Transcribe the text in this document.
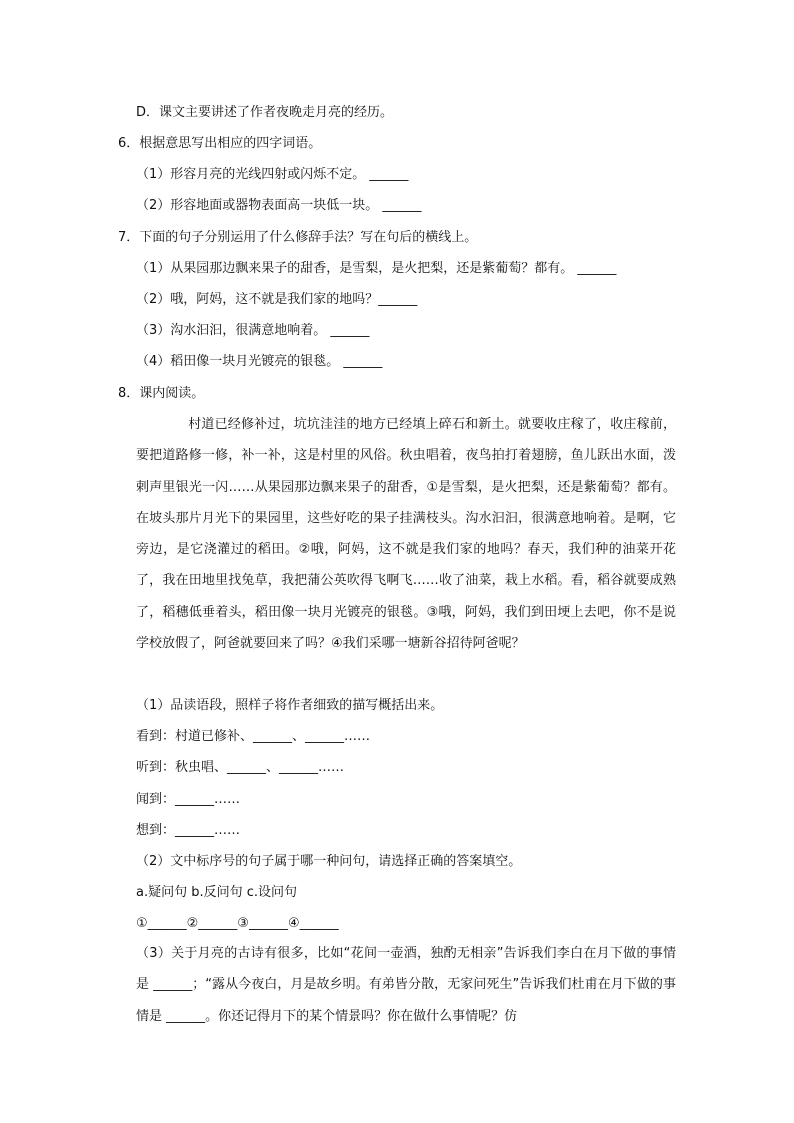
D．课文主要讲述了作者夜晚走月亮的经历。
6．根据意思写出相应的四字词语。
（1）形容月亮的光线四射或闪烁不定。 ______
（2）形容地面或器物表面高一块低一块。 ______
7．下面的句子分别运用了什么修辞手法？写在句后的横线上。
（1）从果园那边飘来果子的甜香，是雪梨，是火把梨，还是紫葡萄？都有。 ______
（2）哦，阿妈，这不就是我们家的地吗？______
（3）沟水汩汩，很满意地响着。 ______
（4）稻田像一块月光镀亮的银毯。 ______
8．课内阅读。
村道已经修补过，坑坑洼洼的地方已经填上碎石和新土。就要收庄稼了，收庄稼前，要把道路修一修，补一补，这是村里的风俗。秋虫唱着，夜鸟拍打着翅膀，鱼儿跃出水面，泼剌声里银光一闪……从果园那边飘来果子的甜香，①是雪梨，是火把梨，还是紫葡萄？都有。在坡头那片月光下的果园里，这些好吃的果子挂满枝头。沟水汩汩，很满意地响着。是啊，它旁边，是它浇灌过的稻田。②哦，阿妈，这不就是我们家的地吗？春天，我们种的油菜开花了，我在田地里找兔草，我把蒲公英吹得飞啊飞……收了油菜，栽上水稻。看，稻谷就要成熟了，稻穗低垂着头，稻田像一块月光镀亮的银毯。③哦，阿妈，我们到田埂上去吧，你不是说学校放假了，阿爸就要回来了吗？④我们采哪一塘新谷招待阿爸呢？
（1）品读语段，照样子将作者细致的描写概括出来。
看到：村道已修补、______、______……
听到：秋虫唱、______、______……
闻到：______……
想到：______……
（2）文中标序号的句子属于哪一种问句，请选择正确的答案填空。
a.疑问句 b.反问句 c.设问句
①______②______③______④______
（3）关于月亮的古诗有很多，比如“花间一壶酒，独酌无相亲”告诉我们李白在月下做的事情是 ______；“露从今夜白，月是故乡明。有弟皆分散，无家问死生”告诉我们杜甫在月下做的事情是 ______。你还记得月下的某个情景吗？你在做什么事情呢？仿
